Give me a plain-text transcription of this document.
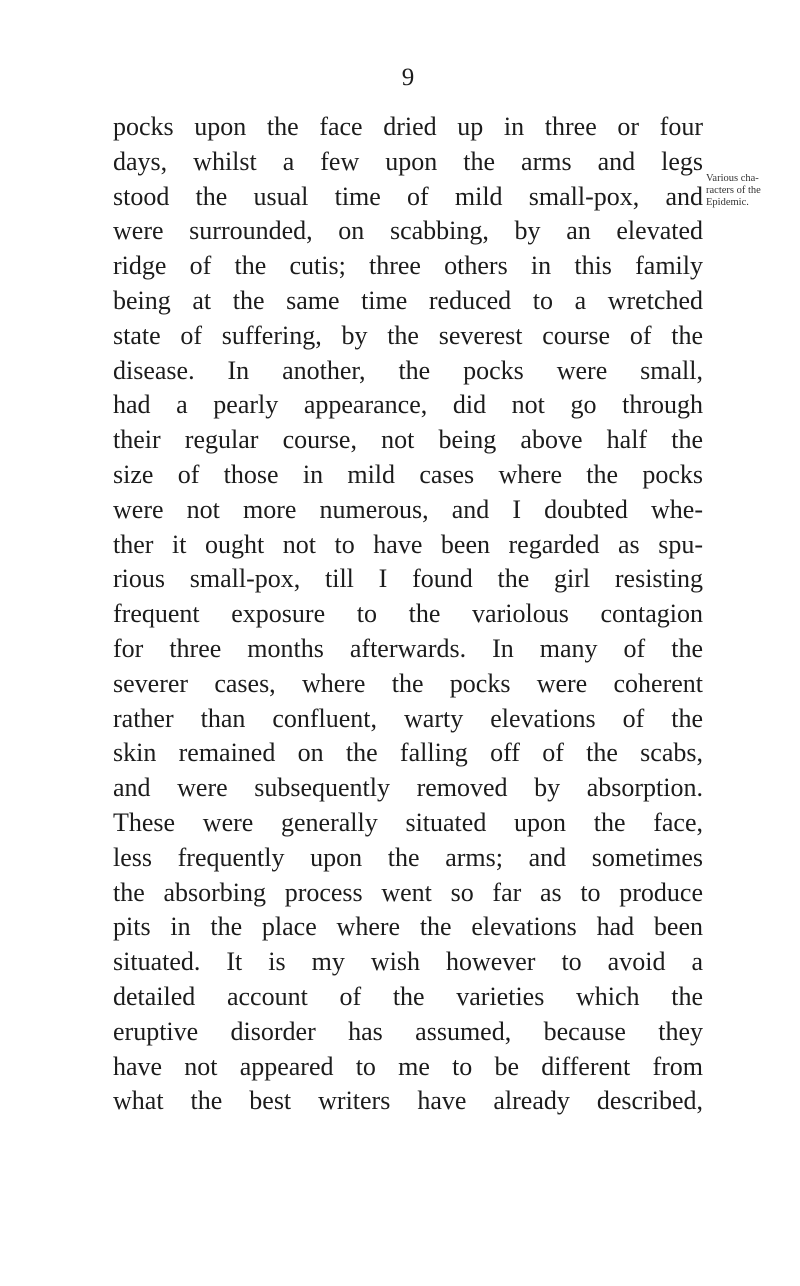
9
pocks upon the face dried up in three or four
days, whilst a few upon the arms and legs
stood the usual time of mild small-pox, and
were surrounded, on scabbing, by an elevated
ridge of the cutis; three others in this family
being at the same time reduced to a wretched
state of suffering, by the severest course of the
disease. In another, the pocks were small,
had a pearly appearance, did not go through
their regular course, not being above half the
size of those in mild cases where the pocks
were not more numerous, and I doubted whe-
ther it ought not to have been regarded as spu-
rious small-pox, till I found the girl resisting
frequent exposure to the variolous contagion
for three months afterwards. In many of the
severer cases, where the pocks were coherent
rather than confluent, warty elevations of the
skin remained on the falling off of the scabs,
and were subsequently removed by absorption.
These were generally situated upon the face,
less frequently upon the arms; and sometimes
the absorbing process went so far as to produce
pits in the place where the elevations had been
situated. It is my wish however to avoid a
detailed account of the varieties which the
eruptive disorder has assumed, because they
have not appeared to me to be different from
what the best writers have already described,
Various cha-
racters of the
Epidemic.
